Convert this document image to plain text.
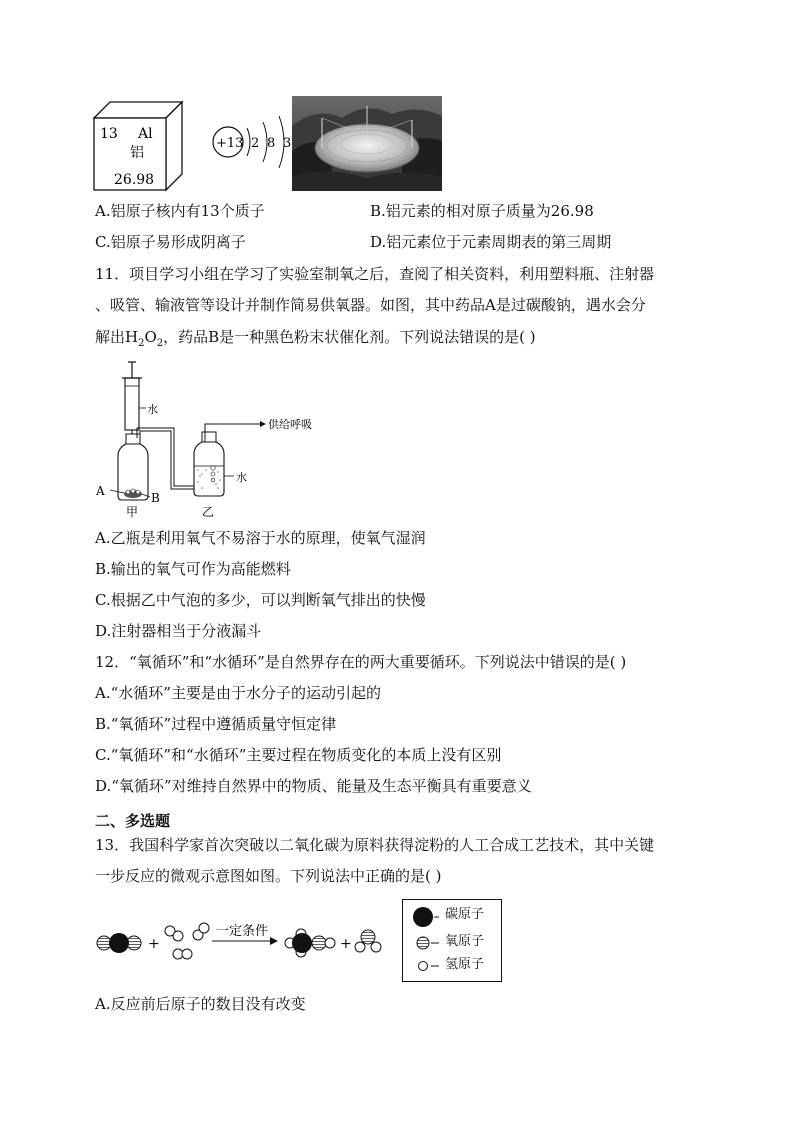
13 Al
铝
26.98
+13 2 8 3
A.铝原子核内有13个质子	B.铝元素的相对原子质量为26.98
C.铝原子易形成阴离子	D.铝元素位于元素周期表的第三周期
11．项目学习小组在学习了实验室制氧之后，查阅了相关资料，利用塑料瓶、注射器
、吸管、输液管等设计并制作简易供氧器。如图，其中药品A是过碳酸钠，遇水会分
解出$H_2O_2$，药品B是一种黑色粉末状催化剂。下列说法错误的是( )
水
A	B
甲
水
乙
供给呼吸
A.乙瓶是利用氧气不易溶于水的原理，使氧气湿润
B.输出的氧气可作为高能燃料
C.根据乙中气泡的多少，可以判断氧气排出的快慢
D.注射器相当于分液漏斗
12．“氧循环”和“水循环”是自然界存在的两大重要循环。下列说法中错误的是( )
A.“水循环”主要是由于水分子的运动引起的
B.“氧循环”过程中遵循质量守恒定律
C.“氧循环”和“水循环”主要过程在物质变化的本质上没有区别
D.“氧循环”对维持自然界中的物质、能量及生态平衡具有重要意义
二、多选题
13．我国科学家首次突破以二氧化碳为原料获得淀粉的人工合成工艺技术，其中关键
一步反应的微观示意图如图。下列说法中正确的是( )
+
一定条件
+
碳原子
氧原子
氢原子
A.反应前后原子的数目没有改变
